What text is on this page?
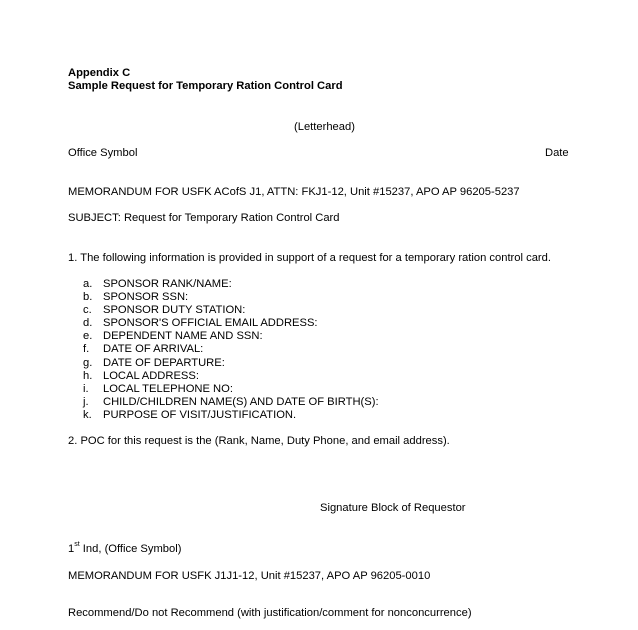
Appendix C
Sample Request for Temporary Ration Control Card
(Letterhead)
Office Symbol	Date
MEMORANDUM FOR USFK ACofS J1, ATTN: FKJ1-12, Unit #15237, APO AP 96205-5237
SUBJECT: Request for Temporary Ration Control Card
1. The following information is provided in support of a request for a temporary ration control card.
a. SPONSOR RANK/NAME:
b. SPONSOR SSN:
c.	SPONSOR DUTY STATION:
d. SPONSOR'S OFFICIAL EMAIL ADDRESS:
e. DEPENDENT NAME AND SSN:
f.	DATE OF ARRIVAL:
g. DATE OF DEPARTURE:
h. LOCAL ADDRESS:
i.	LOCAL TELEPHONE NO:
j.	CHILD/CHILDREN NAME(S) AND DATE OF BIRTH(S):
k.	PURPOSE OF VISIT/JUSTIFICATION.
2. POC for this request is the (Rank, Name, Duty Phone, and email address).
Signature Block of Requestor
1st Ind, (Office Symbol)
MEMORANDUM FOR USFK J1J1-12, Unit #15237, APO AP 96205-0010
Recommend/Do not Recommend (with justification/comment for nonconcurrence)
